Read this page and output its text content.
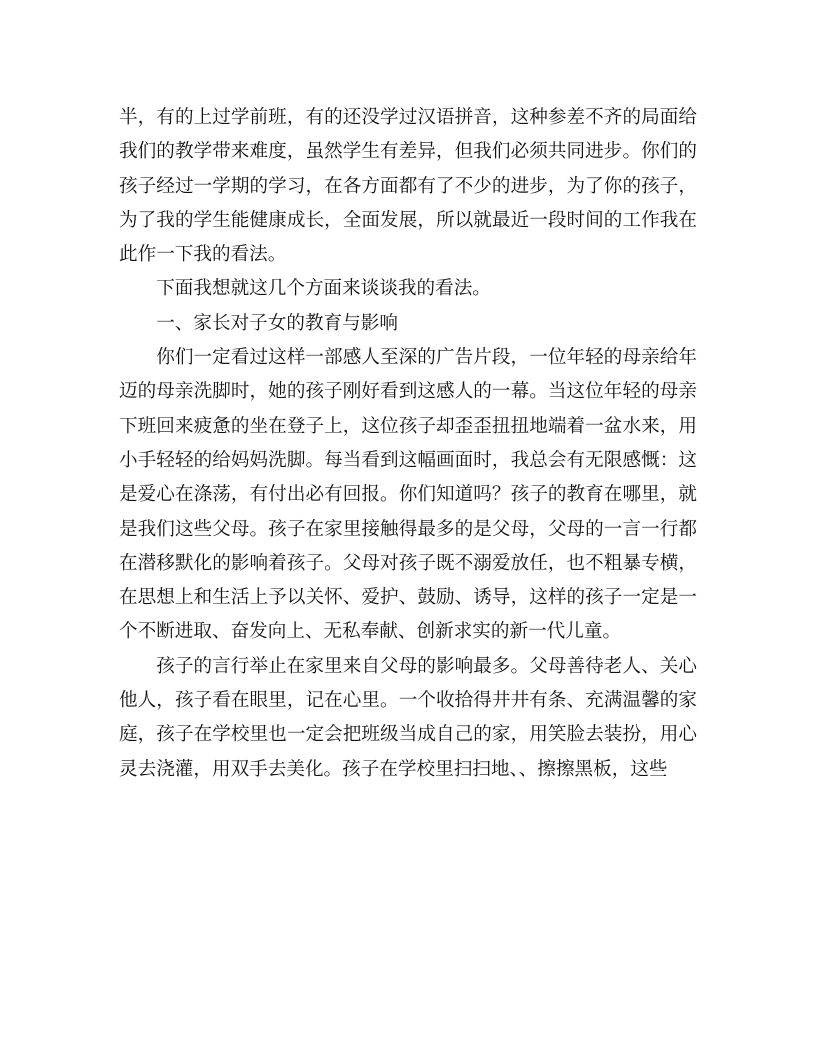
半，有的上过学前班，有的还没学过汉语拼音，这种参差不齐的局面给我们的教学带来难度，虽然学生有差异，但我们必须共同进步。你们的孩子经过一学期的学习，在各方面都有了不少的进步，为了你的孩子，为了我的学生能健康成长，全面发展，所以就最近一段时间的工作我在此作一下我的看法。

下面我想就这几个方面来谈谈我的看法。

一、家长对子女的教育与影响

你们一定看过这样一部感人至深的广告片段，一位年轻的母亲给年迈的母亲洗脚时，她的孩子刚好看到这感人的一幕。当这位年轻的母亲下班回来疲惫的坐在登子上，这位孩子却歪歪扭扭地端着一盆水来，用小手轻轻的给妈妈洗脚。每当看到这幅画面时，我总会有无限感慨：这是爱心在涤荡，有付出必有回报。你们知道吗？孩子的教育在哪里，就是我们这些父母。孩子在家里接触得最多的是父母，父母的一言一行都在潜移默化的影响着孩子。父母对孩子既不溺爱放任，也不粗暴专横，在思想上和生活上予以关怀、爱护、鼓励、诱导，这样的孩子一定是一个不断进取、奋发向上、无私奉献、创新求实的新一代儿童。

孩子的言行举止在家里来自父母的影响最多。父母善待老人、关心他人，孩子看在眼里，记在心里。一个收拾得井井有条、充满温馨的家庭，孩子在学校里也一定会把班级当成自己的家，用笑脸去装扮，用心灵去浇灌，用双手去美化。孩子在学校里扫扫地、、擦擦黑板，这些
